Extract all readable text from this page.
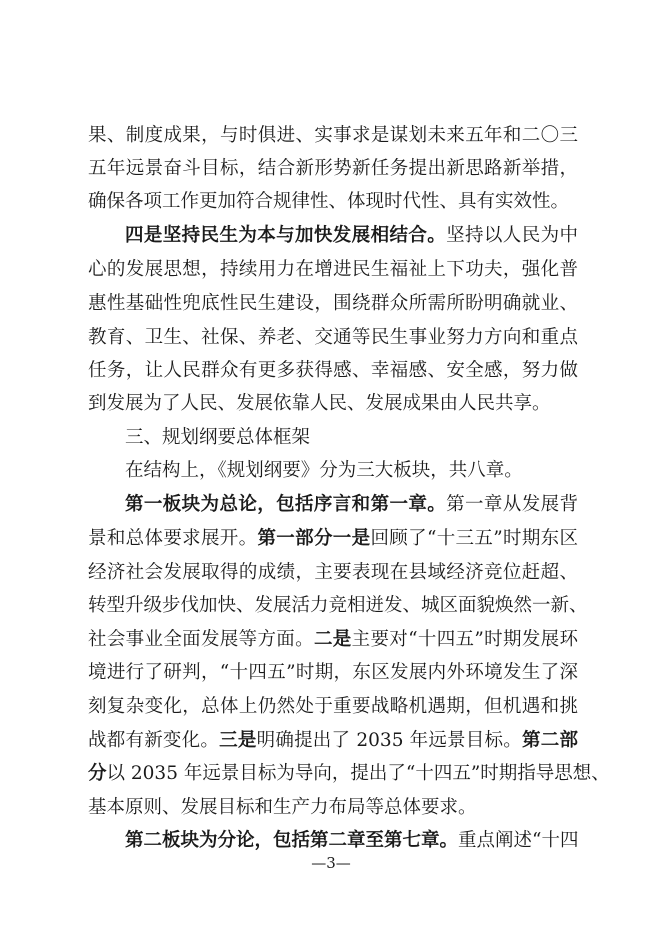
果、制度成果，与时俱进、实事求是谋划未来五年和二〇三
五年远景奋斗目标，结合新形势新任务提出新思路新举措，
确保各项工作更加符合规律性、体现时代性、具有实效性。
四是坚持民生为本与加快发展相结合。坚持以人民为中
心的发展思想，持续用力在增进民生福祉上下功夫，强化普
惠性基础性兜底性民生建设，围绕群众所需所盼明确就业、
教育、卫生、社保、养老、交通等民生事业努力方向和重点
任务，让人民群众有更多获得感、幸福感、安全感，努力做
到发展为了人民、发展依靠人民、发展成果由人民共享。
三、规划纲要总体框架
在结构上，《规划纲要》分为三大板块，共八章。
第一板块为总论，包括序言和第一章。第一章从发展背
景和总体要求展开。第一部分一是回顾了“十三五”时期东区
经济社会发展取得的成绩，主要表现在县域经济竞位赶超、
转型升级步伐加快、发展活力竞相迸发、城区面貌焕然一新、
社会事业全面发展等方面。二是主要对“十四五”时期发展环
境进行了研判，“十四五”时期，东区发展内外环境发生了深
刻复杂变化，总体上仍然处于重要战略机遇期，但机遇和挑
战都有新变化。三是明确提出了 2035 年远景目标。第二部
分以 2035 年远景目标为导向，提出了“十四五”时期指导思想、
基本原则、发展目标和生产力布局等总体要求。
第二板块为分论，包括第二章至第七章。重点阐述“十四
—3—
